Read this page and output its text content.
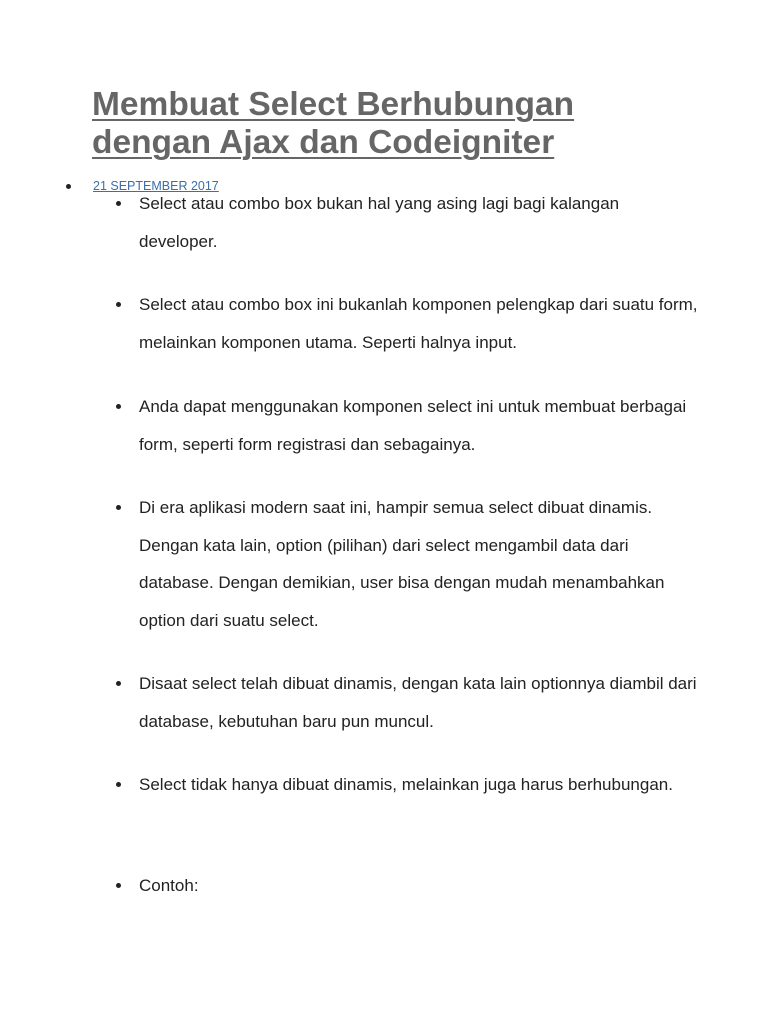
Membuat Select Berhubungan dengan Ajax dan Codeigniter
21 SEPTEMBER 2017
Select atau combo box bukan hal yang asing lagi bagi kalangan developer.
Select atau combo box ini bukanlah komponen pelengkap dari suatu form, melainkan komponen utama. Seperti halnya input.
Anda dapat menggunakan komponen select ini untuk membuat berbagai form, seperti form registrasi dan sebagainya.
Di era aplikasi modern saat ini, hampir semua select dibuat dinamis. Dengan kata lain, option (pilihan) dari select mengambil data dari database. Dengan demikian, user bisa dengan mudah menambahkan option dari suatu select.
Disaat select telah dibuat dinamis, dengan kata lain optionnya diambil dari database, kebutuhan baru pun muncul.
Select tidak hanya dibuat dinamis, melainkan juga harus berhubungan.
Contoh:
